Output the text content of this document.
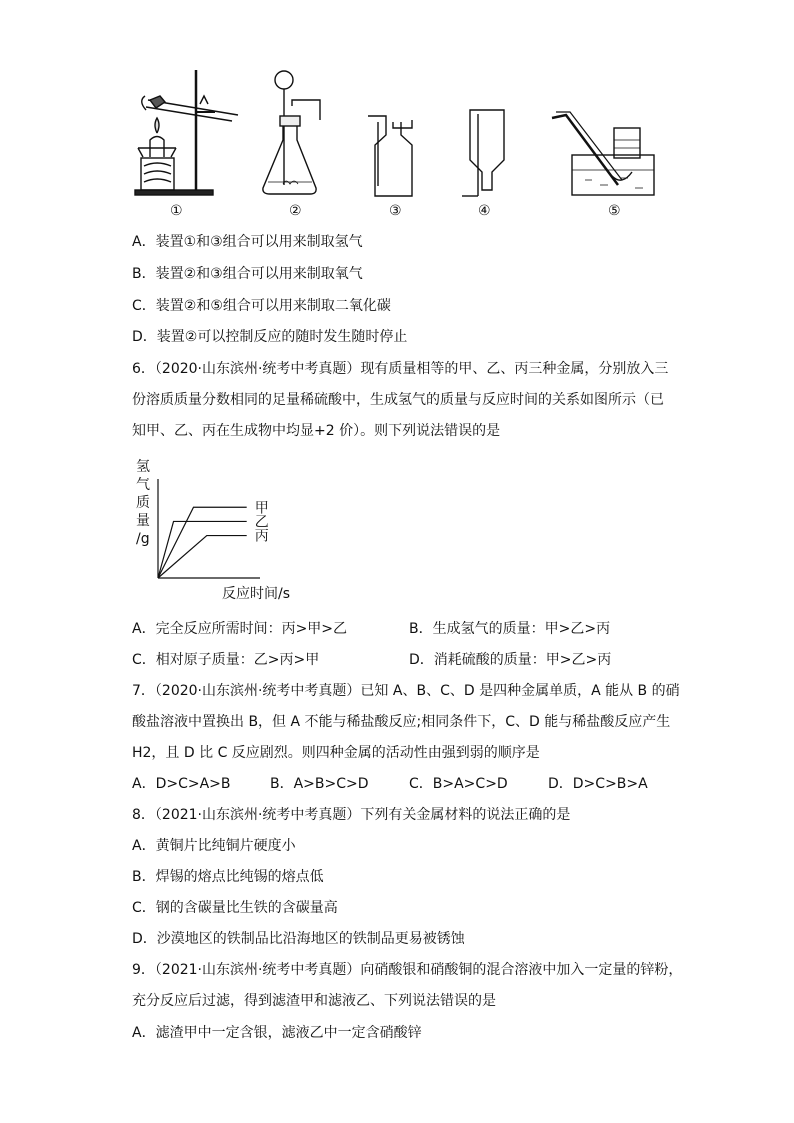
①	②	③	④	⑤
A．装置①和③组合可以用来制取氢气
B．装置②和③组合可以用来制取氧气
C．装置②和⑤组合可以用来制取二氧化碳
D．装置②可以控制反应的随时发生随时停止
6．（2020·山东滨州·统考中考真题）现有质量相等的甲、乙、丙三种金属，分别放入三
份溶质质量分数相同的足量稀硫酸中，生成氢气的质量与反应时间的关系如图所示（已
知甲、乙、丙在生成物中均显+2 价）。则下列说法错误的是
甲
乙
丙
氢
气
质
量
/g
反应时间/s
A．完全反应所需时间：丙>甲>乙	B．生成氢气的质量：甲>乙>丙
C．相对原子质量：乙>丙>甲	D．消耗硫酸的质量：甲>乙>丙
7．（2020·山东滨州·统考中考真题）已知 A、B、C、D 是四种金属单质，A 能从 B 的硝
酸盐溶液中置换出 B，但 A 不能与稀盐酸反应;相同条件下，C、D 能与稀盐酸反应产生
H2，且 D 比 C 反应剧烈。则四种金属的活动性由强到弱的顺序是
A．D>C>A>B	B．A>B>C>D	C．B>A>C>D	D．D>C>B>A
8．（2021·山东滨州·统考中考真题）下列有关金属材料的说法正确的是
A．黄铜片比纯铜片硬度小
B．焊锡的熔点比纯锡的熔点低
C．钢的含碳量比生铁的含碳量高
D．沙漠地区的铁制品比沿海地区的铁制品更易被锈蚀
9．（2021·山东滨州·统考中考真题）向硝酸银和硝酸铜的混合溶液中加入一定量的锌粉，
充分反应后过滤，得到滤渣甲和滤液乙、下列说法错误的是
A．滤渣甲中一定含银，滤液乙中一定含硝酸锌
